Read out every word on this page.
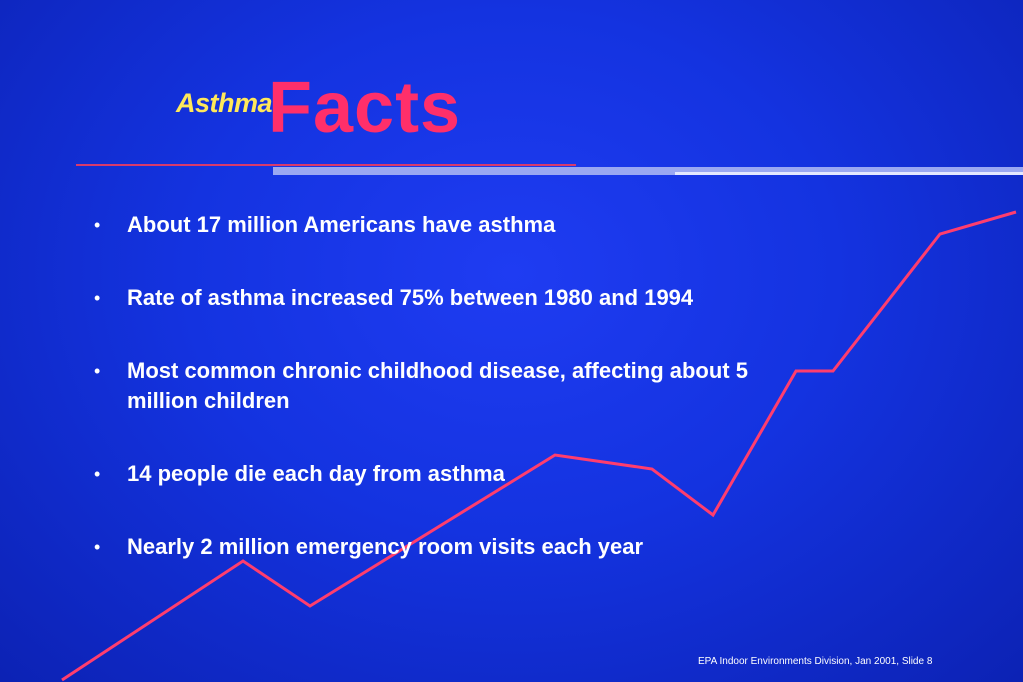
Asthma
Facts
• About 17 million Americans have asthma
• Rate of asthma increased 75% between 1980 and 1994
• Most common chronic childhood disease, affecting about 5 million children
• 14 people die each day from asthma
• Nearly 2 million emergency room visits each year
EPA Indoor Environments Division, Jan 2001, Slide 8
